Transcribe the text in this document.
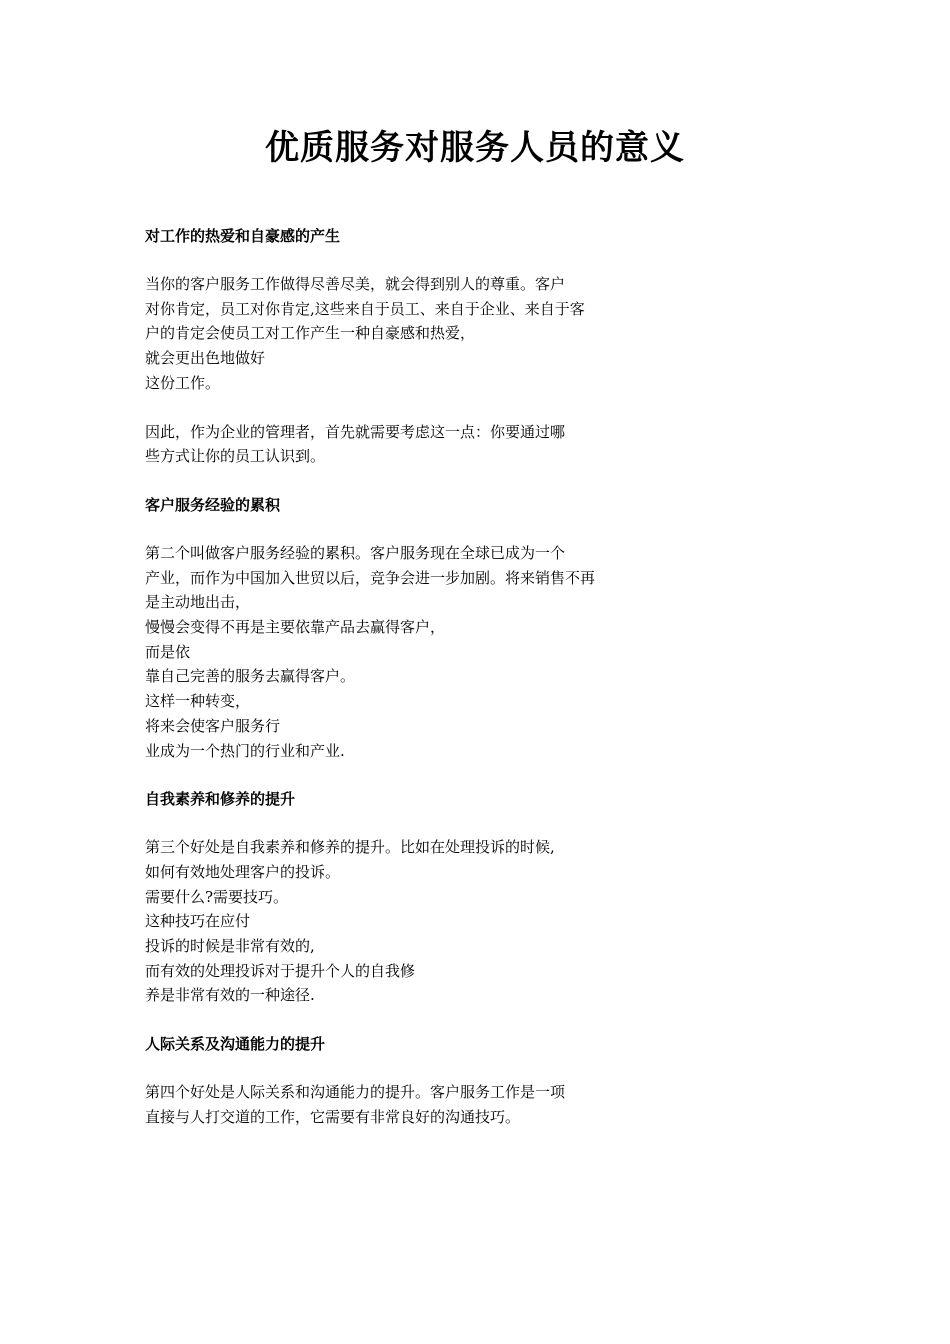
优质服务对服务人员的意义
对工作的热爱和自豪感的产生

当你的客户服务工作做得尽善尽美，就会得到别人的尊重。客户
对你肯定，员工对你肯定,这些来自于员工、来自于企业、来自于客
户的肯定会使员工对工作产生一种自豪感和热爱，
就会更出色地做好
这份工作。

因此，作为企业的管理者，首先就需要考虑这一点：你要通过哪
些方式让你的员工认识到。

客户服务经验的累积

第二个叫做客户服务经验的累积。客户服务现在全球已成为一个
产业，而作为中国加入世贸以后，竞争会进一步加剧。将来销售不再
是主动地出击，
慢慢会变得不再是主要依靠产品去赢得客户，
而是依
靠自己完善的服务去赢得客户。
这样一种转变，
将来会使客户服务行
业成为一个热门的行业和产业.

自我素养和修养的提升

第三个好处是自我素养和修养的提升。比如在处理投诉的时候,
如何有效地处理客户的投诉。
需要什么?需要技巧。
这种技巧在应付
投诉的时候是非常有效的,
而有效的处理投诉对于提升个人的自我修
养是非常有效的一种途径.

人际关系及沟通能力的提升

第四个好处是人际关系和沟通能力的提升。客户服务工作是一项
直接与人打交道的工作，它需要有非常良好的沟通技巧。
